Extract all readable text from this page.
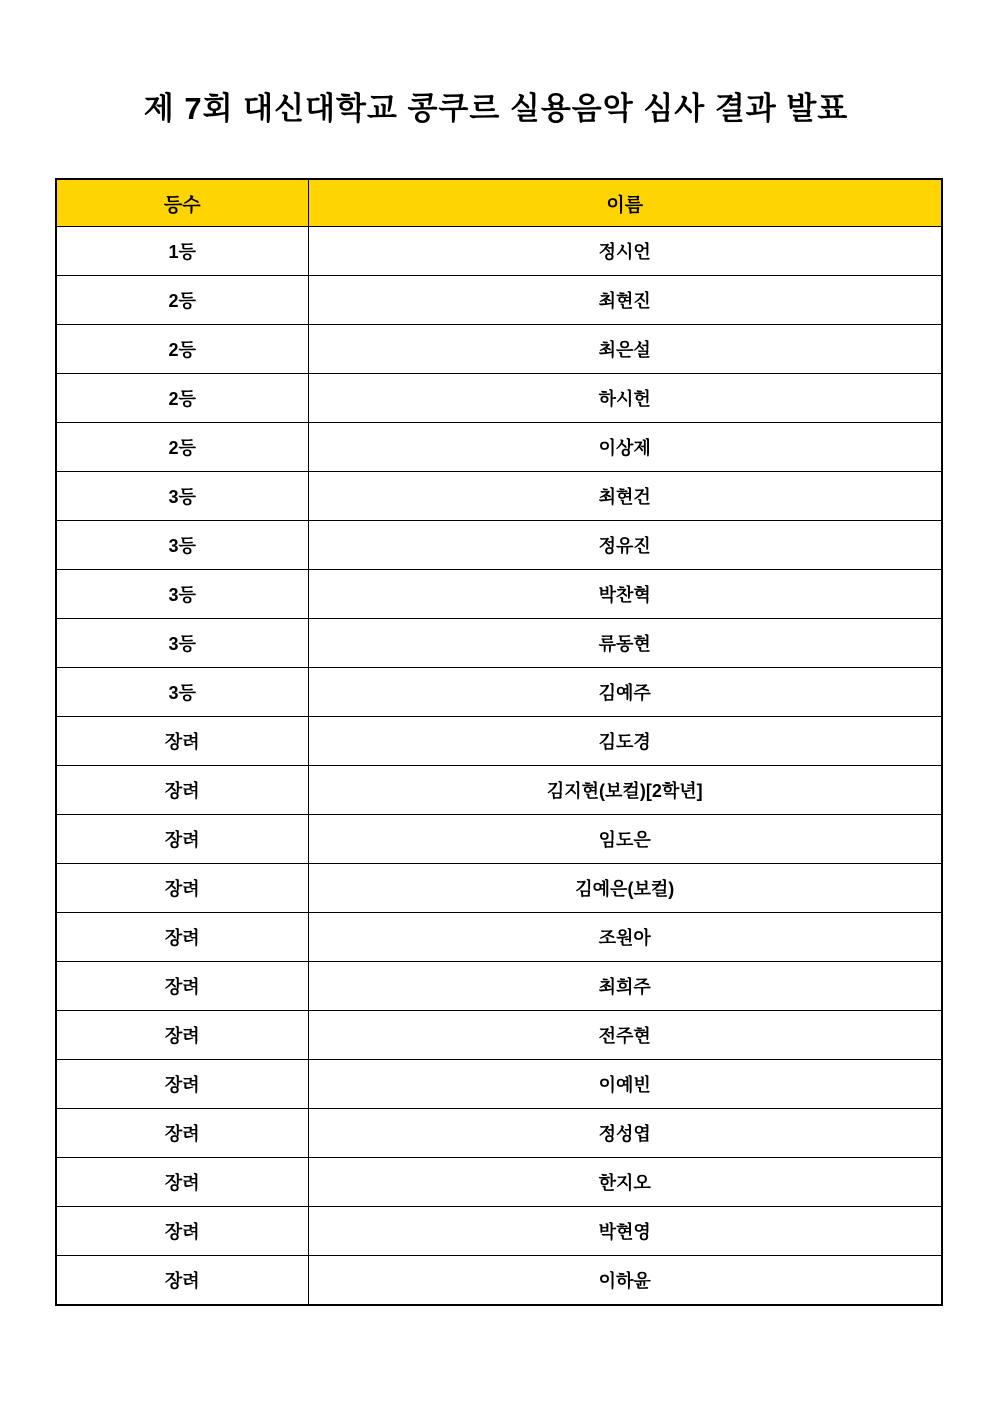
제 7회 대신대학교 콩쿠르 실용음악 심사 결과 발표
등수	이름
1등	정시언
2등	최현진
2등	최은설
2등	하시헌
2등	이상제
3등	최현건
3등	정유진
3등	박찬혁
3등	류동현
3등	김예주
장려	김도경
장려	김지현(보컬)[2학년]
장려	임도은
장려	김예은(보컬)
장려	조원아
장려	최희주
장려	전주현
장려	이예빈
장려	정성엽
장려	한지오
장려	박현영
장려	이하윤
